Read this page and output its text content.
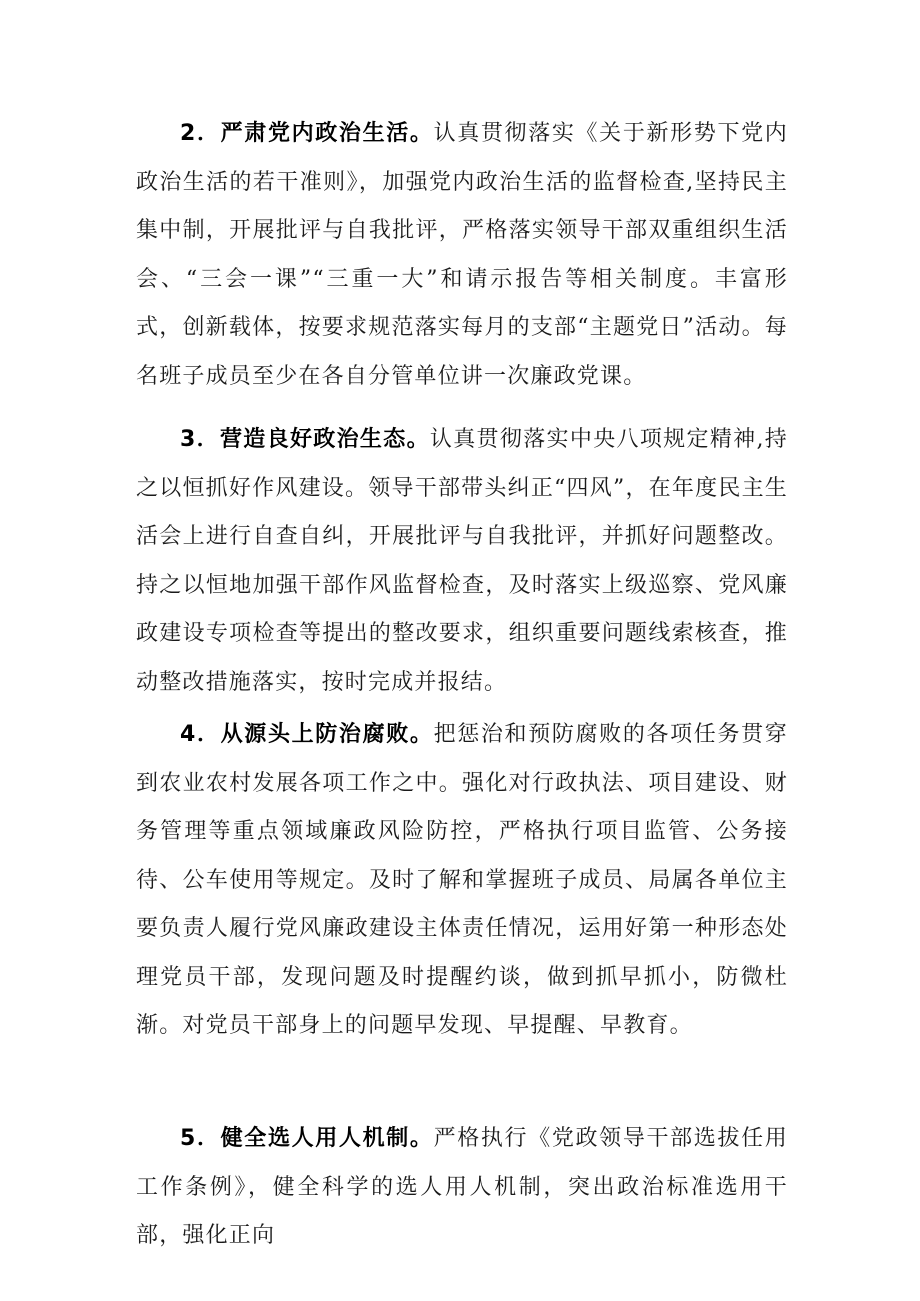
2．严肃党内政治生活。认真贯彻落实《关于新形势下党内政治生活的若干准则》，加强党内政治生活的监督检查,坚持民主集中制，开展批评与自我批评，严格落实领导干部双重组织生活会、“三会一课”“三重一大”和请示报告等相关制度。丰富形式，创新载体，按要求规范落实每月的支部“主题党日”活动。每名班子成员至少在各自分管单位讲一次廉政党课。

3．营造良好政治生态。认真贯彻落实中央八项规定精神,持之以恒抓好作风建设。领导干部带头纠正“四风”，在年度民主生活会上进行自查自纠，开展批评与自我批评，并抓好问题整改。持之以恒地加强干部作风监督检查，及时落实上级巡察、党风廉政建设专项检查等提出的整改要求，组织重要问题线索核查，推动整改措施落实，按时完成并报结。

4．从源头上防治腐败。把惩治和预防腐败的各项任务贯穿到农业农村发展各项工作之中。强化对行政执法、项目建设、财务管理等重点领域廉政风险防控，严格执行项目监管、公务接待、公车使用等规定。及时了解和掌握班子成员、局属各单位主要负责人履行党风廉政建设主体责任情况，运用好第一种形态处理党员干部，发现问题及时提醒约谈，做到抓早抓小，防微杜渐。对党员干部身上的问题早发现、早提醒、早教育。

5．健全选人用人机制。严格执行《党政领导干部选拔任用工作条例》，健全科学的选人用人机制，突出政治标准选用干部，强化正向
